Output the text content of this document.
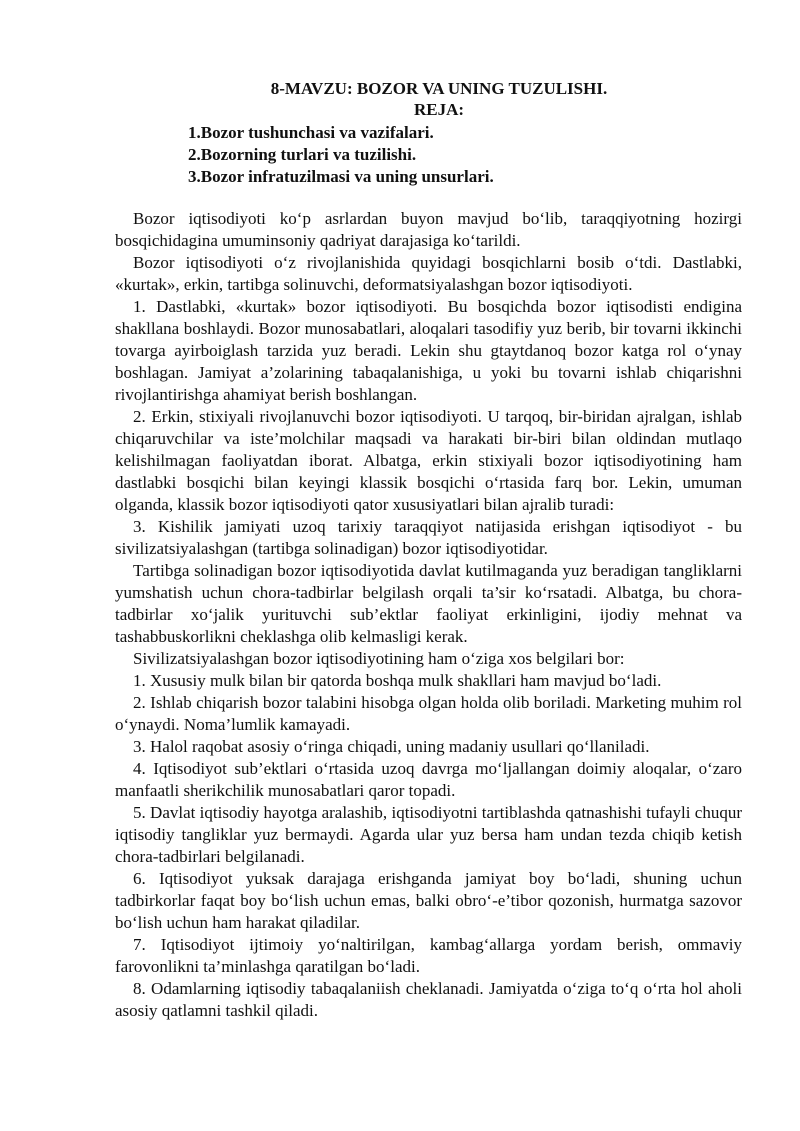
8-MAVZU: BOZOR VA UNING TUZULISHI.
REJA:
1.Bozor tushunchasi va vazifalari.
2.Bozorning turlari va tuzilishi.
3.Bozor infratuzilmasi va uning unsurlari.

Bozor iqtisodiyoti ko‘p asrlardan buyon mavjud bo‘lib, taraqqiyotning hozirgi bosqichidagina umuminsoniy qadriyat darajasiga ko‘tarildi.

Bozor iqtisodiyoti o‘z rivojlanishida quyidagi bosqichlarni bosib o‘tdi. Dastlabki, «kurtak», erkin, tartibga solinuvchi, deformatsiyalashgan bozor iqtisodiyoti.

1. Dastlabki, «kurtak» bozor iqtisodiyoti. Bu bosqichda bozor iqtisodisti endigina shakllana boshlaydi. Bozor munosabatlari, aloqalari tasodifiy yuz berib, bir tovarni ikkinchi tovarga ayirboiglash tarzida yuz beradi. Lekin shu gtaytdanoq bozor katga rol o‘ynay boshlagan. Jamiyat a’zolarining tabaqalanishiga, u yoki bu tovarni ishlab chiqarishni rivojlantirishga ahamiyat berish boshlangan.

2. Erkin, stixiyali rivojlanuvchi bozor iqtisodiyoti. U tarqoq, bir-biridan ajralgan, ishlab chiqaruvchilar va iste’molchilar maqsadi va harakati bir-biri bilan oldindan mutlaqo kelishilmagan faoliyatdan iborat. Albatga, erkin stixiyali bozor iqtisodiyotining ham dastlabki bosqichi bilan keyingi klassik bosqichi o‘rtasida farq bor. Lekin, umuman olganda, klassik bozor iqtisodiyoti qator xususiyatlari bilan ajralib turadi:

3. Kishilik jamiyati uzoq tarixiy taraqqiyot natijasida erishgan iqtisodiyot - bu sivilizatsiyalashgan (tartibga solinadigan) bozor iqtisodiyotidar.

Tartibga solinadigan bozor iqtisodiyotida davlat kutilmaganda yuz beradigan tangliklarni yumshatish uchun chora-tadbirlar belgilash orqali ta’sir ko‘rsatadi. Albatga, bu chora-tadbirlar xo‘jalik yurituvchi sub’ektlar faoliyat erkinligini, ijodiy mehnat va tashabbuskorlikni cheklashga olib kelmasligi kerak.

Sivilizatsiyalashgan bozor iqtisodiyotining ham o‘ziga xos belgilari bor:

1. Xususiy mulk bilan bir qatorda boshqa mulk shakllari ham mavjud bo‘ladi.

2. Ishlab chiqarish bozor talabini hisobga olgan holda olib boriladi. Marketing muhim rol o‘ynaydi. Noma’lumlik kamayadi.

3. Halol raqobat asosiy o‘ringa chiqadi, uning madaniy usullari qo‘llaniladi.

4. Iqtisodiyot sub’ektlari o‘rtasida uzoq davrga mo‘ljallangan doimiy aloqalar, o‘zaro manfaatli sherikchilik munosabatlari qaror topadi.

5. Davlat iqtisodiy hayotga aralashib, iqtisodiyotni tartiblashda qatnashishi tufayli chuqur iqtisodiy tangliklar yuz bermaydi. Agarda ular yuz bersa ham undan tezda chiqib ketish chora-tadbirlari belgilanadi.

6. Iqtisodiyot yuksak darajaga erishganda jamiyat boy bo‘ladi, shuning uchun tadbirkorlar faqat boy bo‘lish uchun emas, balki obro‘-e’tibor qozonish, hurmatga sazovor bo‘lish uchun ham harakat qiladilar.

7. Iqtisodiyot ijtimoiy yo‘naltirilgan, kambag‘allarga yordam berish, ommaviy farovonlikni ta’minlashga qaratilgan bo‘ladi.

8. Odamlarning iqtisodiy tabaqalaniish cheklanadi. Jamiyatda o‘ziga to‘q o‘rta hol aholi asosiy qatlamni tashkil qiladi.
